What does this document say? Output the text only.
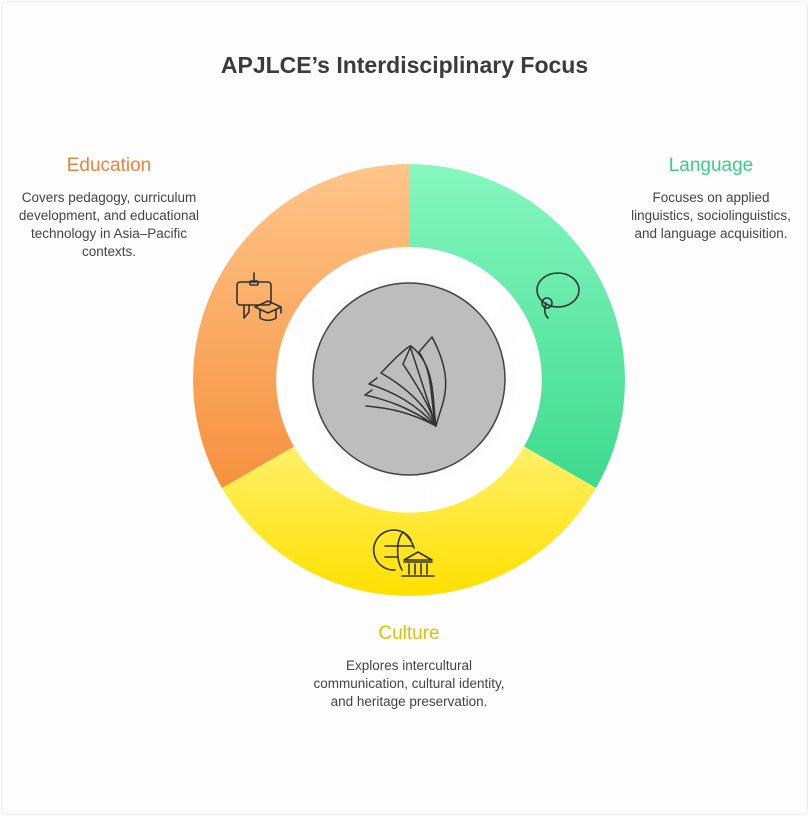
APJLCE’s Interdisciplinary Focus
Education
Covers pedagogy, curriculum development, and educational technology in Asia–Pacific contexts.
Language
Focuses on applied linguistics, sociolinguistics, and language acquisition.
Culture
Explores intercultural communication, cultural identity, and heritage preservation.
